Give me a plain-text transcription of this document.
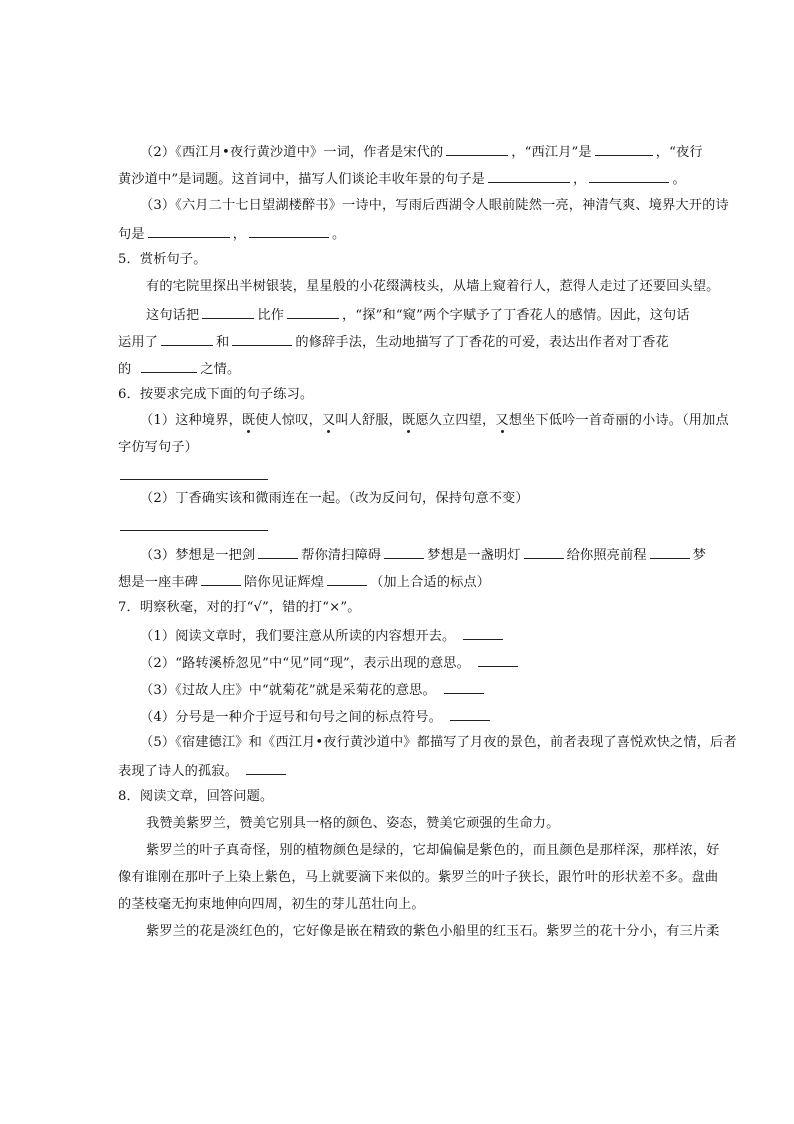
（2）《西江月•夜行黄沙道中》一词，作者是宋代的	，“西江月”是	，“夜行
黄沙道中”是词题。这首词中，描写人们谈论丰收年景的句子是	，	。
（3）《六月二十七日望湖楼醉书》一诗中，写雨后西湖令人眼前陡然一亮，神清气爽、境界大开的诗
句是	，	。
5．赏析句子。
有的宅院里探出半树银装，星星般的小花缀满枝头，从墙上窥着行人，惹得人走过了还要回头望。
这句话把	比作	，“探”和“窥”两个字赋予了丁香花人的感情。因此，这句话
运用了	和	的修辞手法，生动地描写了丁香花的可爱，表达出作者对丁香花
的	之情。
6．按要求完成下面的句子练习。
（1）这种境界，既使人惊叹，又叫人舒服，既愿久立四望，又想坐下低吟一首奇丽的小诗。（用加点
字仿写句子）
（2）丁香确实该和微雨连在一起。（改为反问句，保持句意不变）
（3）梦想是一把剑	帮你清扫障碍	梦想是一盏明灯	给你照亮前程	梦
想是一座丰碑	陪你见证辉煌	（加上合适的标点）
7．明察秋毫，对的打“√”，错的打“×”。
（1）阅读文章时，我们要注意从所读的内容想开去。
（2）“路转溪桥忽见”中“见”同“现”，表示出现的意思。
（3）《过故人庄》中“就菊花”就是采菊花的意思。
（4）分号是一种介于逗号和句号之间的标点符号。
（5）《宿建德江》和《西江月•夜行黄沙道中》都描写了月夜的景色，前者表现了喜悦欢快之情，后者
表现了诗人的孤寂。
8．阅读文章，回答问题。
我赞美紫罗兰，赞美它别具一格的颜色、姿态，赞美它顽强的生命力。
紫罗兰的叶子真奇怪，别的植物颜色是绿的，它却偏偏是紫色的，而且颜色是那样深，那样浓，好
像有谁刚在那叶子上染上紫色，马上就要滴下来似的。紫罗兰的叶子狭长，跟竹叶的形状差不多。盘曲
的茎枝毫无拘束地伸向四周，初生的芽儿茁壮向上。
紫罗兰的花是淡红色的，它好像是嵌在精致的紫色小船里的红玉石。紫罗兰的花十分小，有三片柔
